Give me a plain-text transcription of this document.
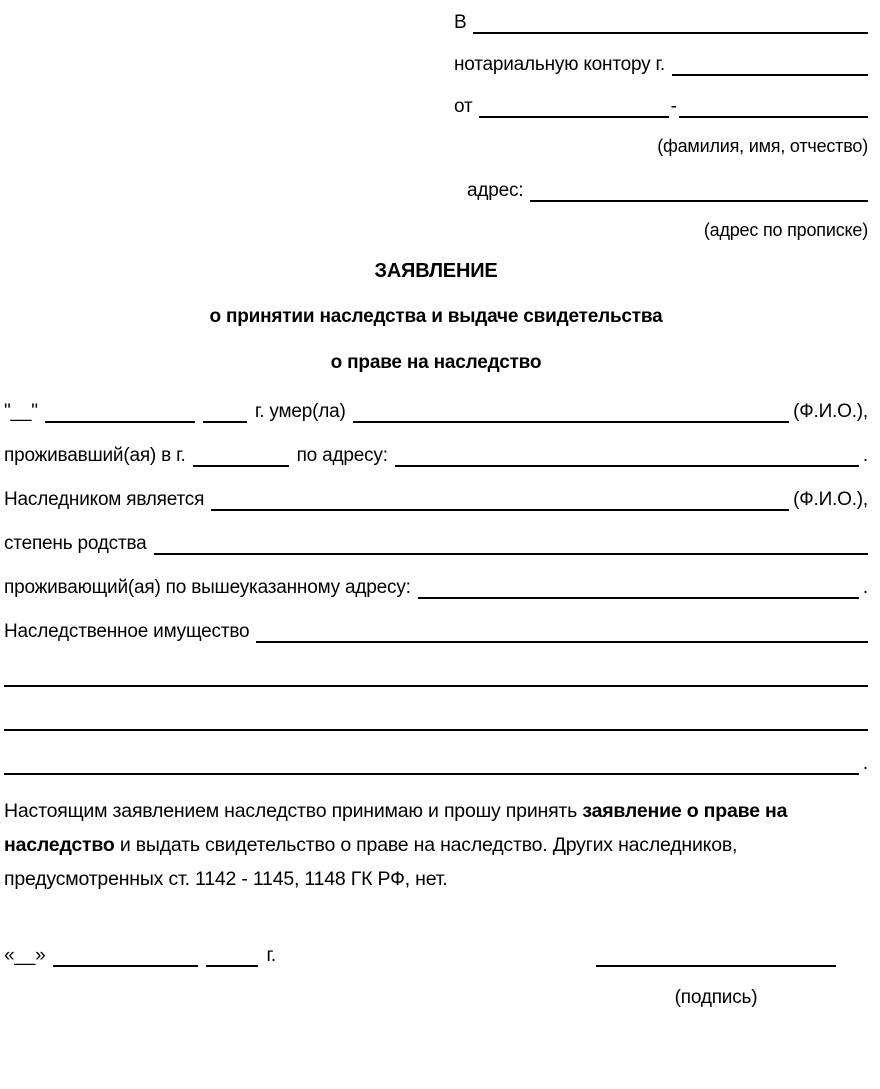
В
нотариальную контору г.
от	-
(фамилия, имя, отчество)
адрес:
(адрес по прописке)
ЗАЯВЛЕНИЕ
о принятии наследства и выдаче свидетельства
о праве на наследство
"__"	г. умер(ла)	(Ф.И.О.),
проживавший(ая) в г.	по адресу:	.
Наследником является	(Ф.И.О.),
степень родства
проживающий(ая) по вышеуказанному адресу:	.
Наследственное имущество
.
Настоящим заявлением наследство принимаю и прошу принять заявление о праве на
наследство и выдать свидетельство о праве на наследство. Других наследников,
предусмотренных ст. 1142 - 1145, 1148 ГК РФ, нет.
«__»	г.
(подпись)
